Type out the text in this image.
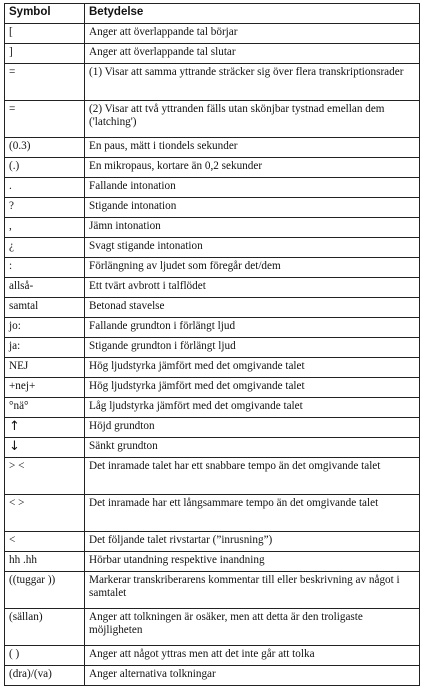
Symbol	Betydelse
[	Anger att överlappande tal börjar
]	Anger att överlappande tal slutar
=	(1) Visar att samma yttrande sträcker sig över flera transkriptionsrader
=	(2) Visar att två yttranden fälls utan skönjbar tystnad emellan dem ('latching')
(0.3)	En paus, mätt i tiondels sekunder
(.)	En mikropaus, kortare än 0,2 sekunder
.	Fallande intonation
?	Stigande intonation
,	Jämn intonation
¿	Svagt stigande intonation
:	Förlängning av ljudet som föregår det/dem
allså-	Ett tvärt avbrott i talflödet
samtal	Betonad stavelse
jo:	Fallande grundton i förlängt ljud
ja:	Stigande grundton i förlängt ljud
NEJ	Hög ljudstyrka jämfört med det omgivande talet
+nej+	Hög ljudstyrka jämfört med det omgivande talet
°nä°	Låg ljudstyrka jämfört med det omgivande talet
↑	Höjd grundton
↓	Sänkt grundton
> <	Det inramade talet har ett snabbare tempo än det omgivande talet
< >	Det inramade har ett långsammare tempo än det omgivande talet
<	Det följande talet rivstartar (”inrusning”)
hh .hh	Hörbar utandning respektive inandning
((tuggar ))	Markerar transkriberarens kommentar till eller beskrivning av något i samtalet
(sällan)	Anger att tolkningen är osäker, men att detta är den troligaste möjligheten
( )	Anger att något yttras men att det inte går att tolka
(dra)/(va)	Anger alternativa tolkningar
